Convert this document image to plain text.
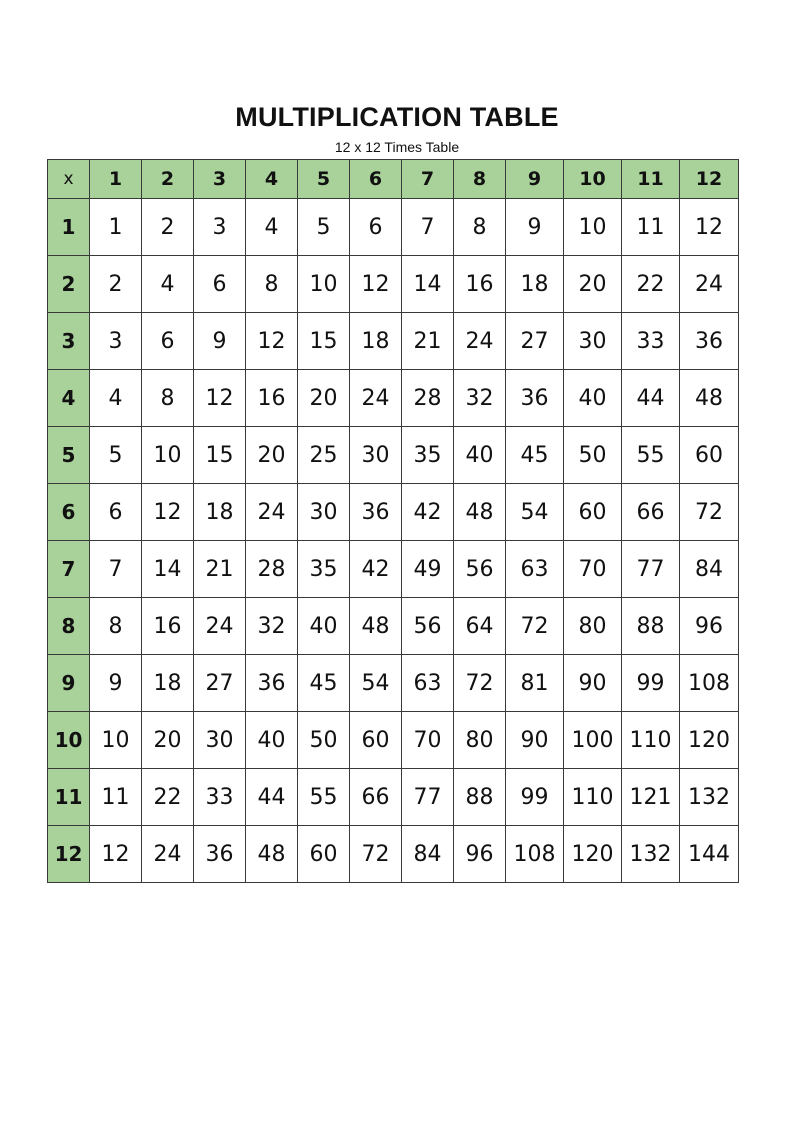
MULTIPLICATION TABLE
12 x 12 Times Table
x	1	2	3	4	5	6	7	8	9	10	11	12
1	1	2	3	4	5	6	7	8	9	10	11	12
2	2	4	6	8	10	12	14	16	18	20	22	24
3	3	6	9	12	15	18	21	24	27	30	33	36
4	4	8	12	16	20	24	28	32	36	40	44	48
5	5	10	15	20	25	30	35	40	45	50	55	60
6	6	12	18	24	30	36	42	48	54	60	66	72
7	7	14	21	28	35	42	49	56	63	70	77	84
8	8	16	24	32	40	48	56	64	72	80	88	96
9	9	18	27	36	45	54	63	72	81	90	99	108
10	10	20	30	40	50	60	70	80	90	100	110	120
11	11	22	33	44	55	66	77	88	99	110	121	132
12	12	24	36	48	60	72	84	96	108	120	132	144
